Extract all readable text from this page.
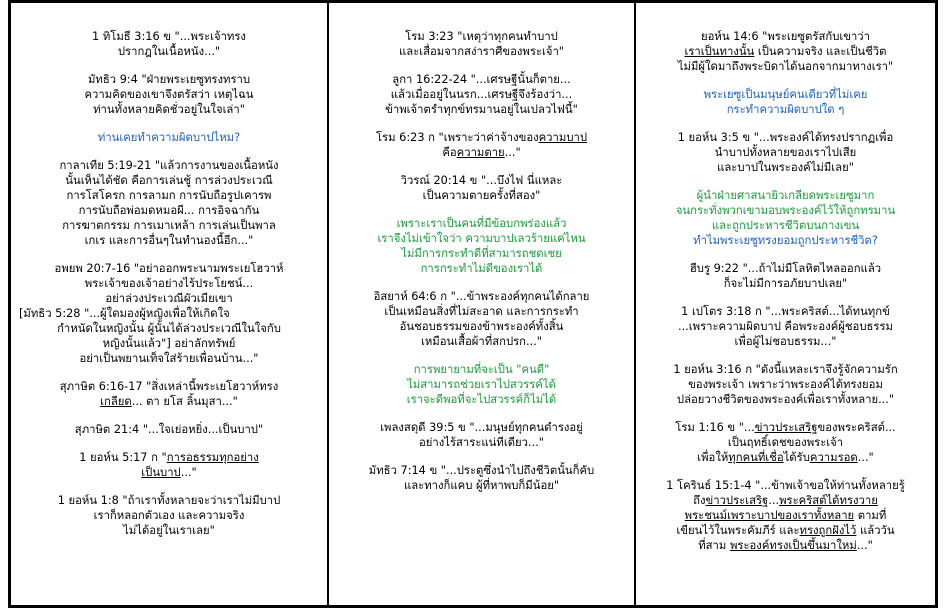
1 ทิโมธี 3:16 ข "...พระเจ้าทรง
ปรากฎในเนื้อหนัง..."
มัทธิว 9:4 "ฝ่ายพระเยซูทรงทราบ
ความคิดของเขาจึงตรัสว่า เหตุไฉน
ท่านทั้งหลายคิดชั่วอยู่ในใจเล่า"
ท่านเคยทำความผิดบาปไหม?
กาลาเทีย 5:19-21 "แล้วการงานของเนื้อหนัง
นั้นเห็นได้ชัด คือการเล่นชู้ การล่วงประเวณี
การโสโครก การลามก การนับถือรูปเคารพ
การนับถือพ่อมดหมอผี... การอิจฉากัน
การฆาตกรรม การเมาเหล้า การเล่นเป็นพาล
เกเร และการอื่นๆในทำนองนี้อีก..."
อพยพ 20:7-16 "อย่าออกพระนามพระเยโฮวาห์
พระเจ้าของเจ้าอย่างไร้ประโยชน์...
อย่าล่วงประเวณีผัวเมียเขา
[มัทธิว 5:28 "...ผู้ใดมองผู้หญิงเพื่อให้เกิดใจ
กำหนัดในหญิงนั้น ผู้นั้นได้ล่วงประเวณีในใจกับ
หญิงนั้นแล้ว"] อย่าลักทรัพย์
อย่าเป็นพยานเท็จใส่ร้ายเพื่อนบ้าน..."
สุภาษิต 6:16-17 "สิ่งเหล่านี้พระเยโฮวาห์ทรง
เกลียด... ตา ยโส ลิ้นมุสา..."
สุภาษิต 21:4 "...ใจเย่อหยิ่ง...เป็นบาป"
1 ยอห์น 5:17 ก "การอธรรมทุกอย่าง
เป็นบาป..."
1 ยอห์น 1:8 "ถ้าเราทั้งหลายจะว่าเราไม่มีบาป
เราก็หลอกตัวเอง และความจริง
ไม่ได้อยู่ในเราเลย"
โรม 3:23 "เหตุว่าทุกคนทำบาป
และเสื่อมจากสง่าราศีของพระเจ้า"
ลูกา 16:22-24 "...เศรษฐีนั้นก็ตาย...
แล้วเมื่ออยู่ในนรก...เศรษฐีจึงร้องว่า...
ข้าพเจ้าตรำทุกข์ทรมานอยู่ในเปลวไฟนี้"
โรม 6:23 ก "เพราะว่าค่าจ้างของความบาป
คือความตาย..."
วิวรณ์ 20:14 ข "...บึงไฟ นี่แหละ
เป็นความตายครั้งที่สอง"
เพราะเราเป็นคนที่มีข้อบกพร่องแล้ว
เราจึงไม่เข้าใจว่า ความบาปเลวร้ายแค่ไหน
ไม่มีการกระทำดีที่สามารถชดเชย
การกระทำไม่ดีของเราได้
อิสยาห์ 64:6 ก "...ข้าพระองค์ทุกคนได้กลาย
เป็นเหมือนสิ่งที่ไม่สะอาด และการกระทำ
อันชอบธรรมของข้าพระองค์ทั้งสิ้น
เหมือนเสื้อผ้าที่สกปรก..."
การพยายามที่จะเป็น "คนดี"
ไม่สามารถช่วยเราไปสวรรค์ได้
เราจะดีพอที่จะไปสวรรค์ก็ไม่ได้
เพลงสดุดี 39:5 ข "...มนุษย์ทุกคนดำรงอยู่
อย่างไร้สาระแน่ทีเดียว..."
มัทธิว 7:14 ข "...ประตูซึ่งนำไปถึงชีวิตนั้นก็คับ
และทางก็แคบ ผู้ที่หาพบก็มีน้อย"
ยอห์น 14:6 "พระเยซูตรัสกับเขาว่า
เราเป็นทางนั้น เป็นความจริง และเป็นชีวิต
ไม่มีผู้ใดมาถึงพระบิดาได้นอกจากมาทางเรา"
พระเยซูเป็นมนุษย์คนเดียวที่ไม่เคย
กระทำความผิดบาปใด ๆ
1 ยอห์น 3:5 ข "...พระองค์ได้ทรงปรากฏเพื่อ
นำบาปทั้งหลายของเราไปเสีย
และบาปในพระองค์ไม่มีเลย"
ผู้นำฝ่ายศาสนายิวเกลียดพระเยซูมาก
จนกระทั่งพวกเขามอบพระองค์ไว้ให้ถูกทรมาน
และถูกประหารชีวิตบนกางเขน
ทำไมพระเยซูทรงยอมถูกประหารชีวิต?
ฮีบรู 9:22 "...ถ้าไม่มีโลหิตไหลออกแล้ว
ก็จะไม่มีการอภัยบาปเลย"
1 เปโตร 3:18 ก "...พระคริสต์...ได้ทนทุกข์
...เพราะความผิดบาป คือพระองค์ผู้ชอบธรรม
เพื่อผู้ไม่ชอบธรรม..."
1 ยอห์น 3:16 ก "ดังนี้แหละเราจึงรู้จักความรัก
ของพระเจ้า เพราะว่าพระองค์ได้ทรงยอม
ปล่อยวางชีวิตของพระองค์เพื่อเราทั้งหลาย..."
โรม 1:16 ข "...ข่าวประเสริฐของพระคริสต์...
เป็นฤทธิ์เดชของพระเจ้า
เพื่อให้ทุกคนที่เชื่อได้รับความรอด..."
1 โครินธ์ 15:1-4 "...ข้าพเจ้าขอให้ท่านทั้งหลายรู้
ถึงข่าวประเสริฐ...พระคริสต์ได้ทรงวาย
พระชนม์เพราะบาปของเราทั้งหลาย ตามที่
เขียนไว้ในพระคัมภีร์ และทรงถูกฝังไว้ แล้ววัน
ที่สาม พระองค์ทรงเป็นขึ้นมาใหม่..."
